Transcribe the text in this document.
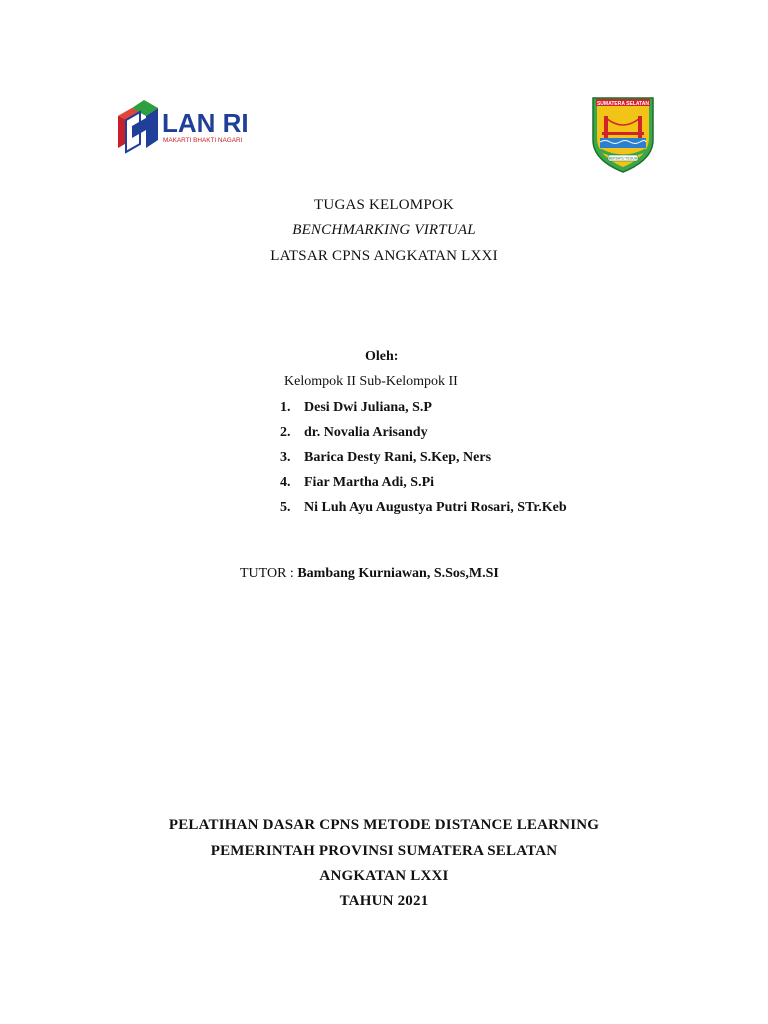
LAN RI
MAKARTI BHAKTI NAGARI
SUMATERA SELATAN
BERSATU TEGUH
TUGAS KELOMPOK
BENCHMARKING VIRTUAL
LATSAR CPNS ANGKATAN LXXI
Oleh:
Kelompok II Sub-Kelompok II
1. Desi Dwi Juliana, S.P
2. dr. Novalia Arisandy
3. Barica Desty Rani, S.Kep, Ners
4. Fiar Martha Adi, S.Pi
5. Ni Luh Ayu Augustya Putri Rosari, STr.Keb
TUTOR : Bambang Kurniawan, S.Sos,M.SI
PELATIHAN DASAR CPNS METODE DISTANCE LEARNING
PEMERINTAH PROVINSI SUMATERA SELATAN
ANGKATAN LXXI
TAHUN 2021
